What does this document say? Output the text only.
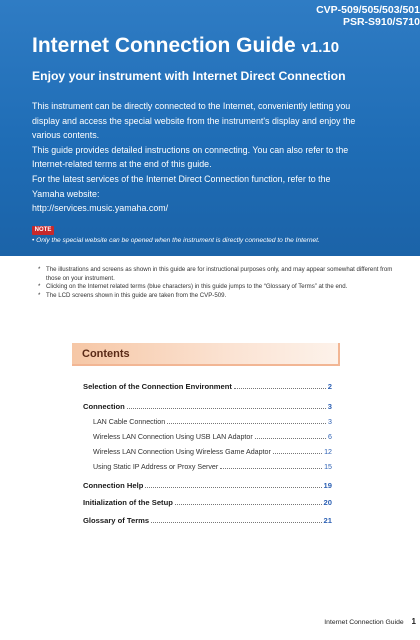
CVP-509/505/503/501
PSR-S910/S710
Internet Connection Guide v1.10
Enjoy your instrument with Internet Direct Connection
This instrument can be directly connected to the Internet, conveniently letting you
display and access the special website from the instrument's display and enjoy the
various contents.
This guide provides detailed instructions on connecting. You can also refer to the
Internet-related terms at the end of this guide.
For the latest services of the Internet Direct Connection function, refer to the
Yamaha website:
http://services.music.yamaha.com/
NOTE
• Only the special website can be opened when the instrument is directly connected to the Internet.
* The illustrations and screens as shown in this guide are for instructional purposes only, and may appear somewhat different from those on your instrument.
* Clicking on the Internet related terms (blue characters) in this guide jumps to the “Glossary of Terms” at the end.
* The LCD screens shown in this guide are taken from the CVP-509.
Contents
Selection of the Connection Environment	2
Connection	3
LAN Cable Connection	3
Wireless LAN Connection Using USB LAN Adaptor	6
Wireless LAN Connection Using Wireless Game Adaptor	12
Using Static IP Address or Proxy Server	15
Connection Help	19
Initialization of the Setup	20
Glossary of Terms	21
Internet Connection Guide 1
